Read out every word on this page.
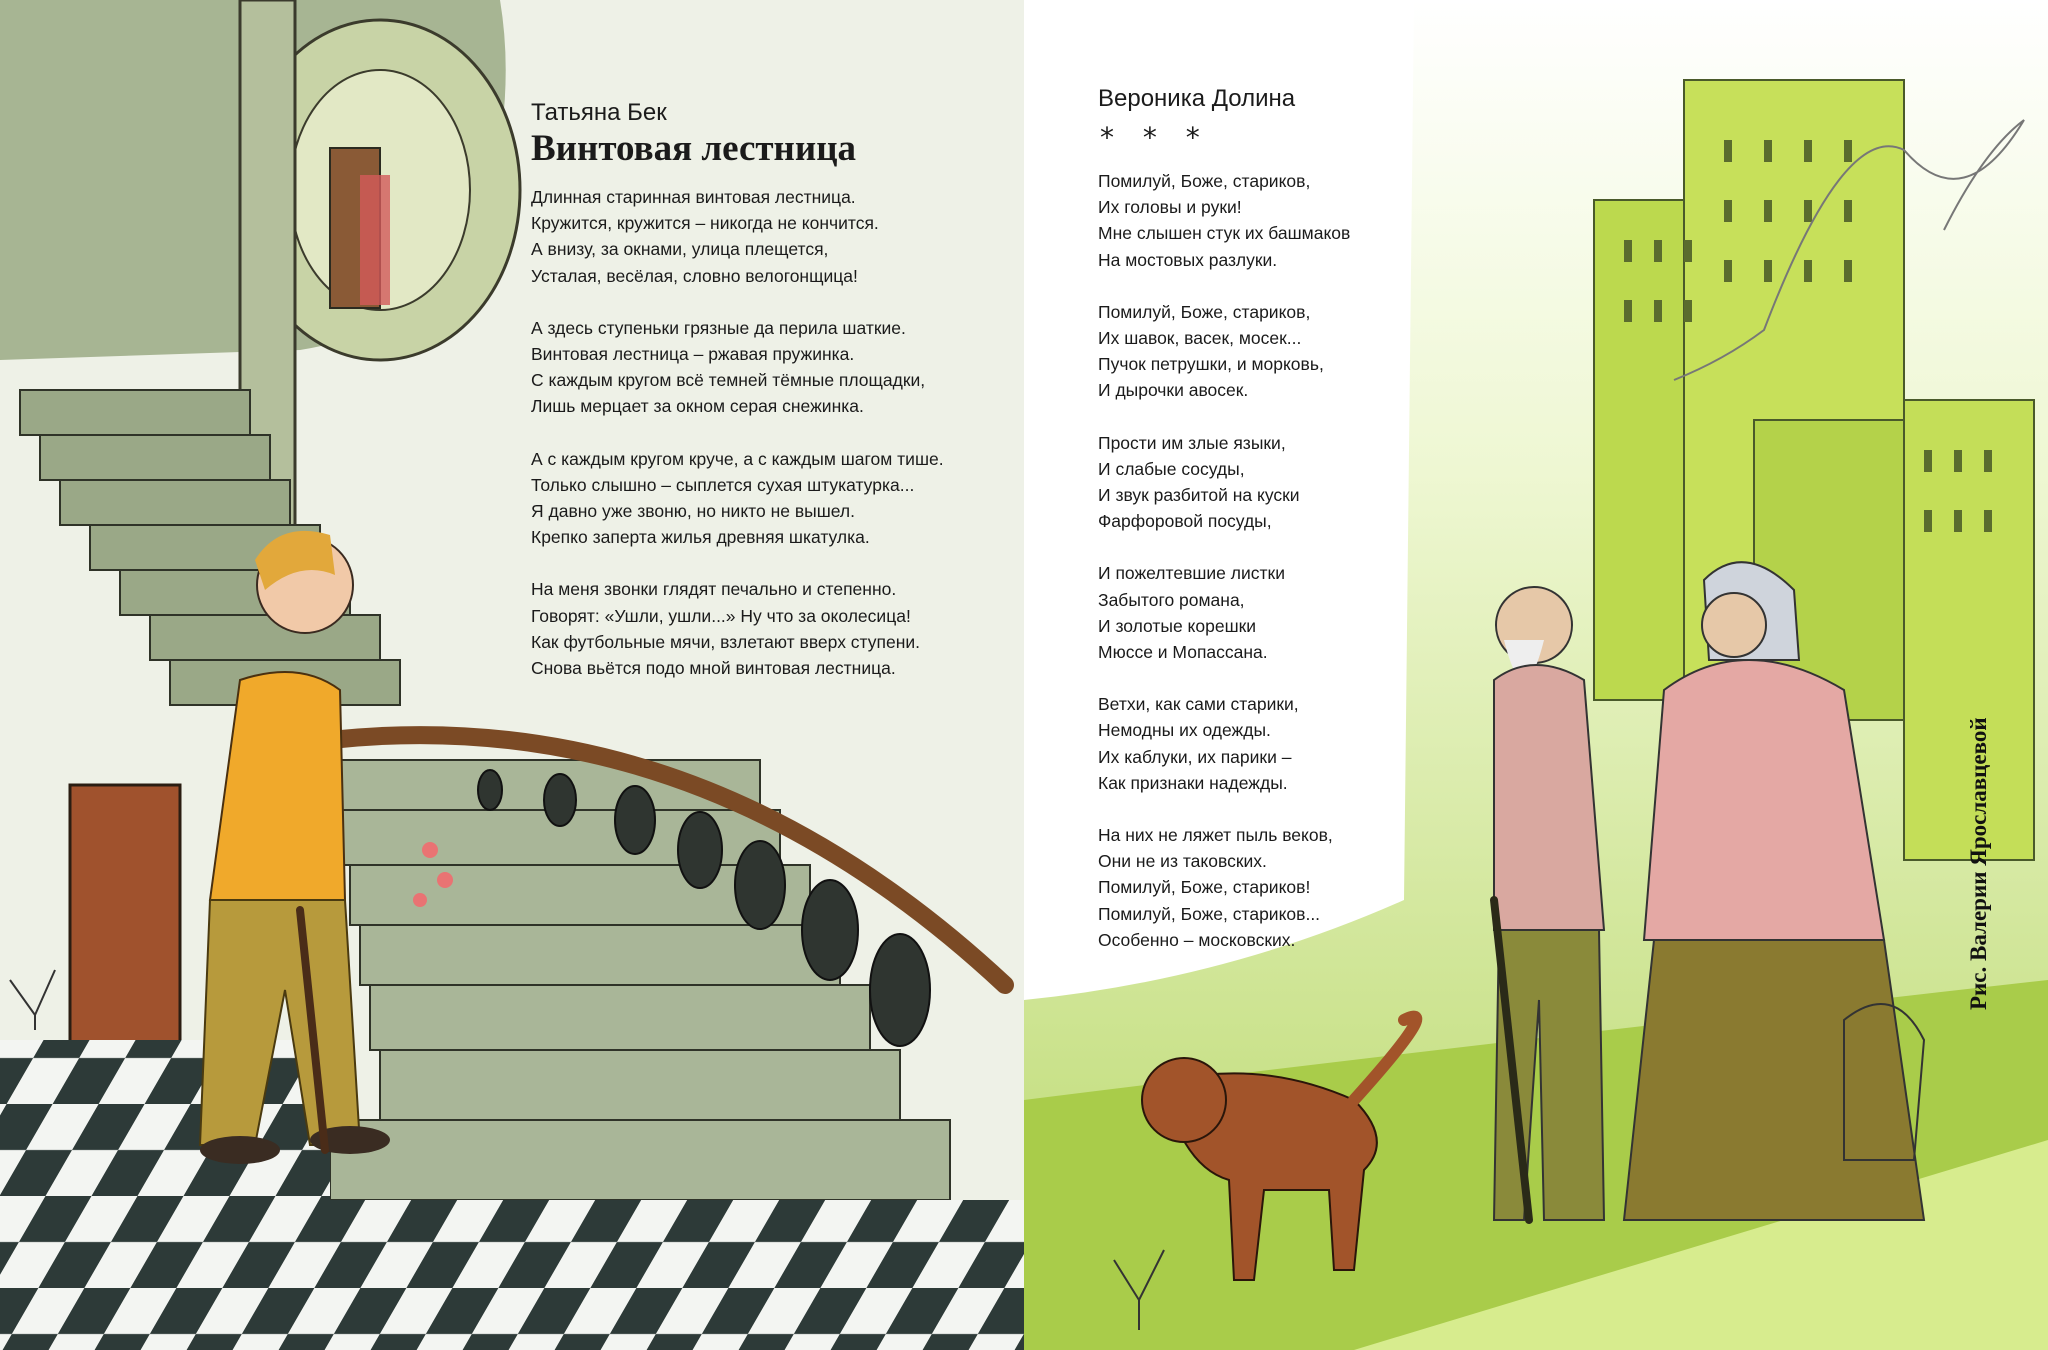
Татьяна Бек

Винтовая лестница

Длинная старинная винтовая лестница.
Кружится, кружится – никогда не кончится.
А внизу, за окнами, улица плещется,
Усталая, весёлая, словно велогонщица!
А здесь ступеньки грязные да перила шаткие.
Винтовая лестница – ржавая пружинка.
С каждым кругом всё темней тёмные площадки,
Лишь мерцает за окном серая снежинка.
А с каждым кругом круче, а с каждым шагом тише.
Только слышно – сыплется сухая штукатурка...
Я давно уже звоню, но никто не вышел.
Крепко заперта жилья древняя шкатулка.
На меня звонки глядят печально и степенно.
Говорят: «Ушли, ушли...» Ну что за околесица!
Как футбольные мячи, взлетают вверх ступени.
Снова вьётся подо мной винтовая лестница.

Вероника Долина

* * *
Помилуй, Боже, стариков,
Их головы и руки!
Мне слышен стук их башмаков
На мостовых разлуки.
Помилуй, Боже, стариков,
Их шавок, васек, мосек...
Пучок петрушки, и морковь,
И дырочки авосек.
Прости им злые языки,
И слабые сосуды,
И звук разбитой на куски
Фарфоровой посуды,
И пожелтевшие листки
Забытого романа,
И золотые корешки
Мюссе и Мопассана.
Ветхи, как сами старики,
Немодны их одежды.
Их каблуки, их парики –
Как признаки надежды.
На них не ляжет пыль веков,
Они не из таковских.
Помилуй, Боже, стариков!
Помилуй, Боже, стариков...
Особенно – московских.	Рис. Валерии Ярославцевой
